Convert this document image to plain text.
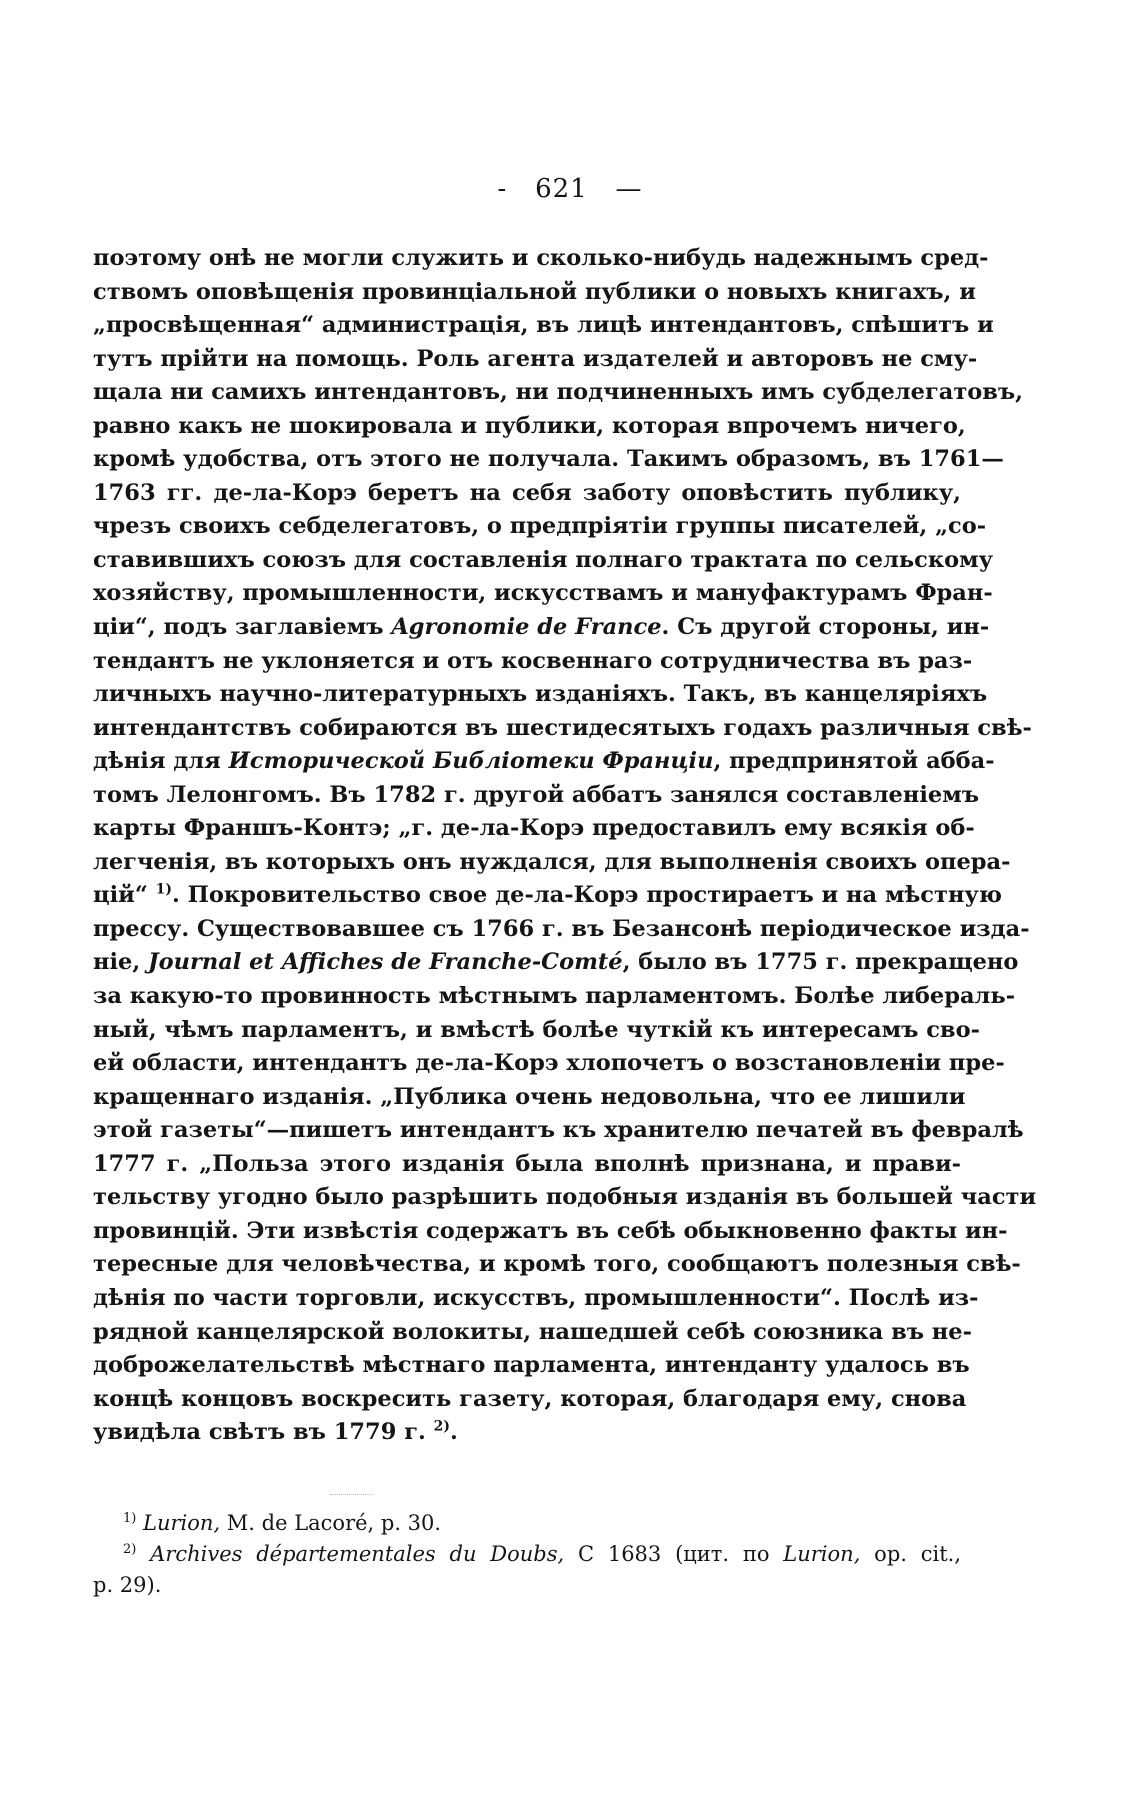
- 621 —
поэтому онѣ не могли служить и сколько-нибудь надежнымъ сред-
ствомъ оповѣщенія провинціальной публики о новыхъ книгахъ, и
„просвѣщенная“ администрація, въ лицѣ интендантовъ, спѣшитъ и
тутъ прійти на помощь. Роль агента издателей и авторовъ не сму-
щала ни самихъ интендантовъ, ни подчиненныхъ имъ субделегатовъ,
равно какъ не шокировала и публики, которая впрочемъ ничего,
кромѣ удобства, отъ этого не получала. Такимъ образомъ, въ 1761—
1763 гг. де-ла-Корэ беретъ на себя заботу оповѣстить публику,
чрезъ своихъ себделегатовъ, о предпріятіи группы писателей, „со-
ставившихъ союзъ для составленія полнаго трактата по сельскому
хозяйству, промышленности, искусствамъ и мануфактурамъ Фран-
ціи“, подъ заглавіемъ Agronomie de France. Съ другой стороны, ин-
тендантъ не уклоняется и отъ косвеннаго сотрудничества въ раз-
личныхъ научно-литературныхъ изданіяхъ. Такъ, въ канцеляріяхъ
интендантствъ собираются въ шестидесятыхъ годахъ различныя свѣ-
дѣнія для Исторической Библіотеки Франціи, предпринятой абба-
томъ Лелонгомъ. Въ 1782 г. другой аббатъ занялся составленіемъ
карты Франшъ-Контэ; „г. де-ла-Корэ предоставилъ ему всякія об-
легченія, въ которыхъ онъ нуждался, для выполненія своихъ опера-
цій“ $^{1)}$. Покровительство свое де-ла-Корэ простираетъ и на мѣстную
прессу. Существовавшее съ 1766 г. въ Безансонѣ періодическое изда-
ніе, Journal et Affiches de Franche-Comté, было въ 1775 г. прекращено
за какую-то провинность мѣстнымъ парламентомъ. Болѣе либераль-
ный, чѣмъ парламентъ, и вмѣстѣ болѣе чуткій къ интересамъ сво-
ей области, интендантъ де-ла-Корэ хлопочетъ о возстановленіи пре-
кращеннаго изданія. „Публика очень недовольна, что ее лишили
этой газеты“—пишетъ интендантъ къ хранителю печатей въ февралѣ
1777 г. „Польза этого изданія была вполнѣ признана, и прави-
тельству угодно было разрѣшить подобныя изданія въ большей части
провинцій. Эти извѣстія содержатъ въ себѣ обыкновенно факты ин-
тересные для человѣчества, и кромѣ того, сообщаютъ полезныя свѣ-
дѣнія по части торговли, искусствъ, промышленности“. Послѣ из-
рядной канцелярской волокиты, нашедшей себѣ союзника въ не-
доброжелательствѣ мѣстнаго парламента, интенданту удалось въ
концѣ концовъ воскресить газету, которая, благодаря ему, снова
увидѣла свѣтъ въ 1779 г. $^{2)}$.

$^{1)}$ Lurion, M. de Lacoré, p. 30.

$^{2)}$ Archives départementales du Doubs, С 1683 (цит. по Lurion, op. cit.,

p. 29).
